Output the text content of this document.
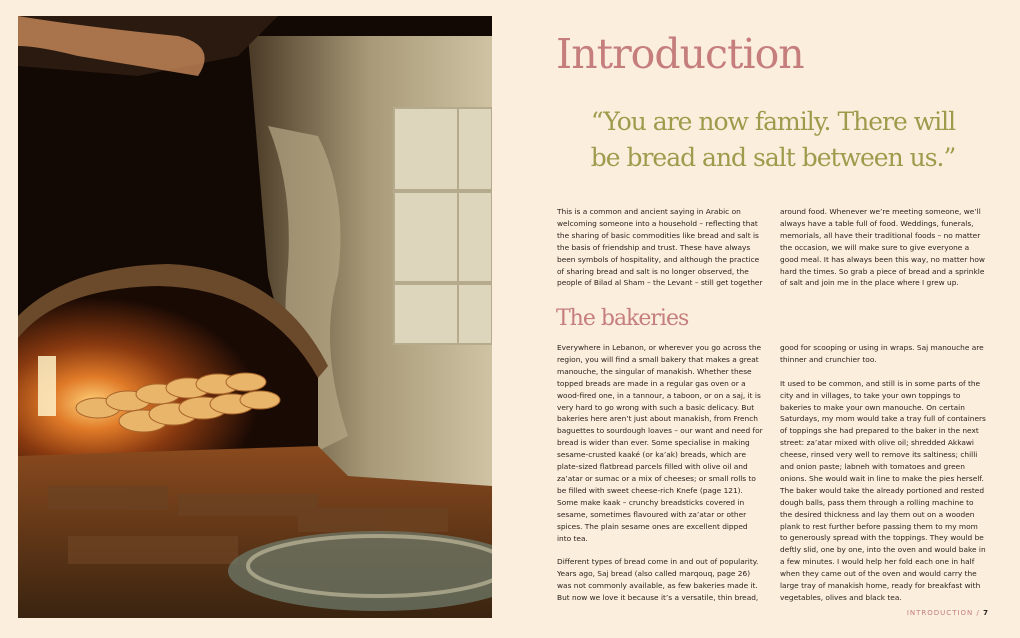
Introduction
“You are now family. There will
be bread and salt between us.”

This is a common and ancient saying in Arabic on welcoming someone into a household – reflecting that the sharing of basic commodities like bread and salt is the basis of friendship and trust. These have always been symbols of hospitality, and although the practice of sharing bread and salt is no longer observed, the people of Bilad al Sham – the Levant – still get together

around food. Whenever we’re meeting someone, we’ll always have a table full of food. Weddings, funerals, memorials, all have their traditional foods – no matter the occasion, we will make sure to give everyone a good meal. It has always been this way, no matter how hard the times. So grab a piece of bread and a sprinkle of salt and join me in the place where I grew up.

The bakeries

Everywhere in Lebanon, or wherever you go across the region, you will find a small bakery that makes a great manouche, the singular of manakish. Whether these topped breads are made in a regular gas oven or a wood-fired one, in a tannour, a taboon, or on a saj, it is very hard to go wrong with such a basic delicacy. But bakeries here aren’t just about manakish, from French baguettes to sourdough loaves – our want and need for bread is wider than ever. Some specialise in making sesame-crusted kaaké (or ka’ak) breads, which are plate-sized flatbread parcels filled with olive oil and za’atar or sumac or a mix of cheeses; or small rolls to be filled with sweet cheese-rich Knefe (page 121). Some make kaak – crunchy breadsticks covered in sesame, sometimes flavoured with za’atar or other spices. The plain sesame ones are excellent dipped into tea.

Different types of bread come in and out of popularity. Years ago, Saj bread (also called marqouq, page 26) was not commonly available, as few bakeries made it. But now we love it because it’s a versatile, thin bread,

good for scooping or using in wraps. Saj manouche are thinner and crunchier too.

It used to be common, and still is in some parts of the city and in villages, to take your own toppings to bakeries to make your own manouche. On certain Saturdays, my mom would take a tray full of containers of toppings she had prepared to the baker in the next street: za’atar mixed with olive oil; shredded Akkawi cheese, rinsed very well to remove its saltiness; chilli and onion paste; labneh with tomatoes and green onions. She would wait in line to make the pies herself. The baker would take the already portioned and rested dough balls, pass them through a rolling machine to the desired thickness and lay them out on a wooden plank to rest further before passing them to my mom to generously spread with the toppings. They would be deftly slid, one by one, into the oven and would bake in a few minutes. I would help her fold each one in half when they came out of the oven and would carry the large tray of manakish home, ready for breakfast with vegetables, olives and black tea.

INTRODUCTION / 7
